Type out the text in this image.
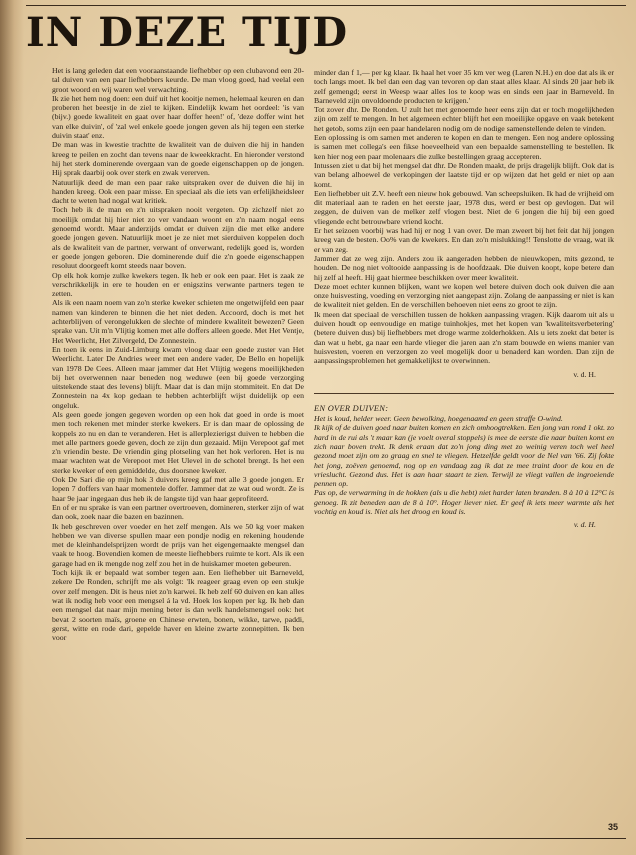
IN DEZE TIJD

Het is lang geleden dat een vooraanstaande liefhebber op een clubavond een 20-tal duiven van een paar liefhebbers keurde. De man vloog goed, had veelal een groot woord en wij waren wel verwachting.

Ik zie het hem nog doen: een duif uit het kooitje nemen, helemaal keuren en dan proberen het beestje in de ziel te kijken. Eindelijk kwam het oordeel: 'is van (bijv.) goede kwaliteit en gaat over haar doffer heen!' of, 'deze doffer wint het van elke duivin', of 'zal wel enkele goede jongen geven als hij tegen een sterke duivin staat' enz.

De man was in kwestie trachtte de kwaliteit van de duiven die hij in handen kreeg te peilen en zocht dan tevens naar de kweekkracht. En hieronder verstond hij het sterk dominerende overgaan van de goede eigenschappen op de jongen. Hij sprak daarbij ook over sterk en zwak vererven.

Natuurlijk deed de man een paar rake uitspraken over de duiven die hij in handen kreeg. Ook een paar misse. En speciaal als die iets van erfelijkheidsleer dacht te weten had nogal wat kritiek.

Toch heb ik de man en z'n uitspraken nooit vergeten. Op zichzelf niet zo moeilijk omdat hij hier niet zo ver vandaan woont en z'n naam nogal eens genoemd wordt. Maar anderzijds omdat er duiven zijn die met elke andere goede jongen geven. Natuurlijk moet je ze niet met sierduiven koppelen doch als de kwaliteit van de partner, verwant of onverwant, redelijk goed is, worden er goede jongen geboren. Die dominerende duif die z'n goede eigenschappen resoluut doorgeeft komt steeds naar boven.

Op elk hok komje zulke kwekers tegen. Ik heb er ook een paar. Het is zaak ze verschrikkelijk in ere te houden en er enigszins verwante partners tegen te zetten.

Als ik een naam noem van zo'n sterke kweker schieten me ongetwijfeld een paar namen van kinderen te binnen die het niet deden. Accoord, doch is met het achterblijven of verongelukken de slechte of mindere kwaliteit bewezen? Geen sprake van. Uit m'n Vlijtig komen met alle doffers alleen goede. Met Het Ventje, Het Weerlicht, Het Zilvergeld, De Zonnestein.

En toen ik eens in Zuid-Limburg kwam vloog daar een goede zuster van Het Weerlicht. Later De Andries weer met een andere vader, De Bello en hopelijk van 1978 De Cees. Alleen maar jammer dat Het Vlijtig wegens moeilijkheden bij het overwennen naar beneden nog weduwe (een bij goede verzorging uitstekende staat des levens) blijft. Maar dat is dan mijn stommiteit. En dat De Zonnestein na 4x kop gedaan te hebben achterblijft wijst duidelijk op een ongeluk.

Als geen goede jongen gegeven worden op een hok dat goed in orde is moet men toch rekenen met minder sterke kwekers. Er is dan maar de oplossing de koppels zo nu en dan te veranderen. Het is allerplezierigst duiven te hebben die met alle partners goede geven, doch ze zijn dun gezaaid. Mijn Verepoot gaf met z'n vriendin beste. De vriendin ging plotseling van het hok verloren. Het is nu maar wachten wat de Verepoot met Het Ulevel in de schotel brengt. Is het een sterke kweker of een gemiddelde, dus doorsnee kweker.

Ook De Sari die op mijn hok 3 duivers kreeg gaf met alle 3 goede jongen. Er lopen 7 doffers van haar momentele doffer. Jammer dat ze wat oud wordt. Ze is haar 9e jaar ingegaan dus heb ik de langste tijd van haar geprofiteerd.

En of er nu sprake is van een partner overtroeven, domineren, sterker zijn of wat dan ook, zoek naar die bazen en bazinnen.

Ik heb geschreven over voeder en het zelf mengen. Als we 50 kg voer maken hebben we van diverse spullen maar een pondje nodig en rekening houdende met de kleinhandelsprijzen wordt de prijs van het eigengemaakte mengsel dan vaak te hoog. Bovendien komen de meeste liefhebbers ruimte te kort. Als ik een garage had en ik mengde nog zelf zou het in de huiskamer moeten gebeuren.

Toch kijk ik er bepaald wat somber tegen aan. Een liefhebber uit Barneveld, zekere De Ronden, schrijft me als volgt: 'Ik reageer graag even op een stukje over zelf mengen. Dit is heus niet zo'n karwei. Ik heb zelf 60 duiven en kan alles wat ik nodig heb voor een mengsel á la vd. Hoek los kopen per kg. Ik heb dan een mengsel dat naar mijn mening beter is dan welk handelsmengsel ook: het bevat 2 soorten maïs, groene en Chinese erwten, bonen, wikke, tarwe, paddi, gerst, witte en rode dari, gepelde haver en kleine zwarte zonnepitten. Ik ben voor

minder dan f 1,— per kg klaar. Ik haal het voer 35 km ver weg (Laren N.H.) en doe dat als ik er toch langs moet. Ik bel dan een dag van tevoren op dan staat alles klaar. Al sinds 20 jaar heb ik zelf gemengd; eerst in Weesp waar alles los te koop was en sinds een jaar in Barneveld. In Barneveld zijn onvoldoende producten te krijgen.'

Tot zover dhr. De Ronden. U zult het met genoemde heer eens zijn dat er toch mogelijkheden zijn om zelf te mengen. In het algemeen echter blijft het een moeilijke opgave en vaak betekent het getob, soms zijn een paar handelaren nodig om de nodige samenstellende delen te vinden.

Een oplossing is om samen met anderen te kopen en dan te mengen. Een nog andere oplossing is samen met collega's een fikse hoeveelheid van een bepaalde samenstelling te bestellen. Ik ken hier nog een paar molenaars die zulke bestellingen graag accepteren.

Intussen ziet u dat bij het mengsel dat dhr. De Ronden maakt, de prijs dragelijk blijft. Ook dat is van belang alhoewel de verkopingen der laatste tijd er op wijzen dat het geld er niet op aan komt.

Een liefhebber uit Z.V. heeft een nieuw hok gebouwd. Van scheepsluiken. Ik had de vrijheid om dit materiaal aan te raden en het eerste jaar, 1978 dus, werd er best op gevlogen. Dat wil zeggen, de duiven van de melker zelf vlogen best. Niet de 6 jongen die hij bij een goed vliegende echt betrouwbare vriend kocht.

Er het seizoen voorbij was had hij er nog 1 van over. De man zweert bij het feit dat hij jongen kreeg van de besten. Oo% van de kwekers. En dan zo'n mislukking!! Tenslotte de vraag, wat ik er van zeg.

Jammer dat ze weg zijn. Anders zou ik aangeraden hebben de nieuwkopen, mits gezond, te houden. De nog niet voltooide aanpassing is de hoofdzaak. Die duiven koopt, kope betere dan hij zelf al heeft. Hij gaat hiermee beschikken over meer kwaliteit.

Deze moet echter kunnen blijken, want we kopen wel betere duiven doch ook duiven die aan onze huisvesting, voeding en verzorging niet aangepast zijn. Zolang de aanpassing er niet is kan de kwaliteit niet gelden. En de verschillen behoeven niet eens zo groot te zijn.

Ik meen dat speciaal de verschillen tussen de hokken aanpassing vragen. Kijk daarom uit als u duiven houdt op eenvoudige en matige tuinhokjes, met het kopen van 'kwaliteitsverbetering' (betere duiven dus) bij liefhebbers met droge warme zolderhokken. Als u iets zoekt dat beter is dan wat u hebt, ga naar een harde vlieger die jaren aan z'n stam bouwde en wiens manier van huisvesten, voeren en verzorgen zo veel mogelijk door u benaderd kan worden. Dan zijn de aanpassingsproblemen het gemakkelijkst te overwinnen.

v. d. H.

EN OVER DUIVEN:

Het is koud, helder weer. Geen bewolking, hoegenaamd en geen straffe O-wind.

Ik kijk of de duiven goed naar buiten komen en zich omhoogtrekken. Een jong van rond 1 okt. zo hard in de rui als 't maar kan (je voelt overal stoppels) is mee de eerste die naar buiten komt en zich naar boven trekt. Ik denk eraan dat zo'n jong ding met zo weinig veren toch wel heel gezond moet zijn om zo graag en snel te vliegen. Hetzelfde geldt voor de Nel van '66. Zij fokte het jong, zoëven genoemd, nog op en vandaag zag ik dat ze mee traint door de kou en de vrieslucht. Gezond dus. Het is aan haar staart te zien. Terwijl ze vliegt vallen de ingroeiende pennen op.

Pas op, de verwarming in de hokken (als u die hebt) niet harder laten branden. 8 à 10 à 12°C is genoeg. Ik zit beneden aan de 8 à 10°. Hoger liever niet. Er geef ik iets meer warmte als het vochtig en koud is. Niet als het droog en koud is.

v. d. H.

35
